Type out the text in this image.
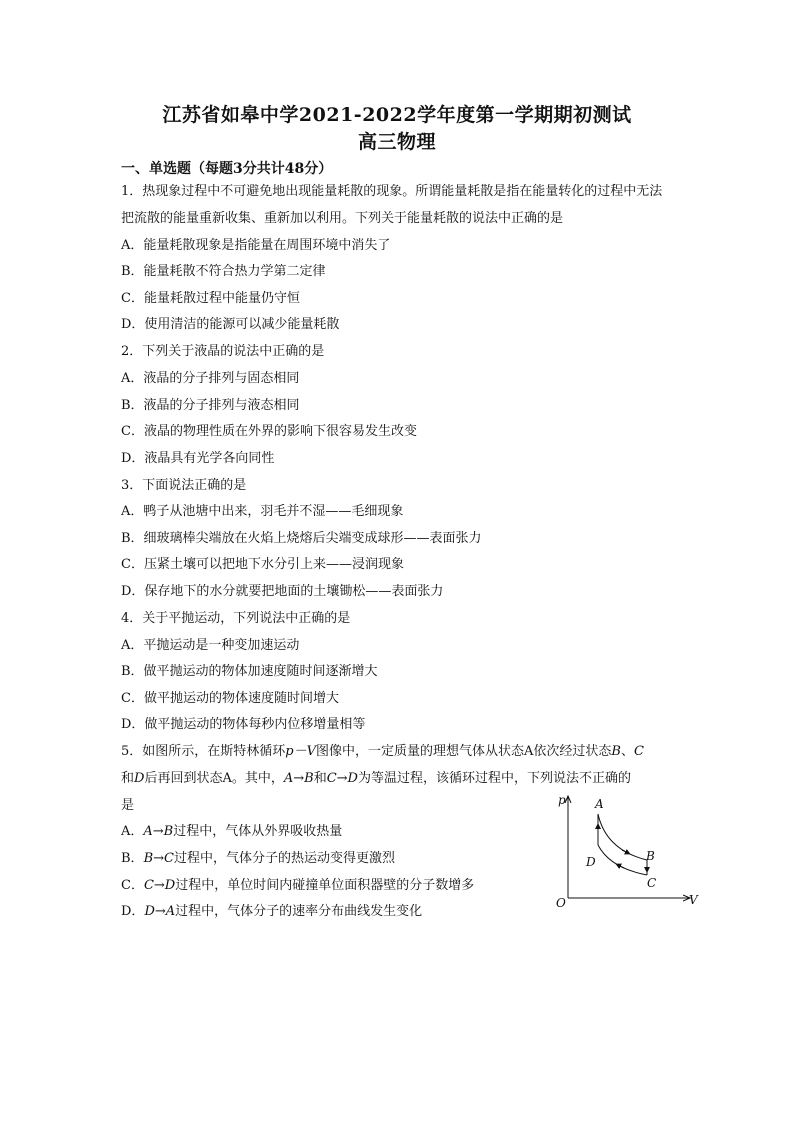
江苏省如皋中学2021-2022学年度第一学期期初测试
高三物理
一、单选题（每题3分共计48分）
1．热现象过程中不可避免地出现能量耗散的现象。所谓能量耗散是指在能量转化的过程中无法
把流散的能量重新收集、重新加以利用。下列关于能量耗散的说法中正确的是
A．能量耗散现象是指能量在周围环境中消失了
B．能量耗散不符合热力学第二定律
C．能量耗散过程中能量仍守恒
D．使用清洁的能源可以减少能量耗散
2．下列关于液晶的说法中正确的是
A．液晶的分子排列与固态相同
B．液晶的分子排列与液态相同
C．液晶的物理性质在外界的影响下很容易发生改变
D．液晶具有光学各向同性
3．下面说法正确的是
A．鸭子从池塘中出来，羽毛并不湿——毛细现象
B．细玻璃棒尖端放在火焰上烧熔后尖端变成球形——表面张力
C．压紧土壤可以把地下水分引上来——浸润现象
D．保存地下的水分就要把地面的土壤锄松——表面张力
4．关于平抛运动，下列说法中正确的是
A．平抛运动是一种变加速运动
B．做平抛运动的物体加速度随时间逐渐增大
C．做平抛运动的物体速度随时间增大
D．做平抛运动的物体每秒内位移增量相等
5．如图所示，在斯特林循环p－V图像中，一定质量的理想气体从状态A依次经过状态B、C
和D后再回到状态A。其中，A→B和C→D为等温过程，该循环过程中，下列说法不正确的
是
A．A→B过程中，气体从外界吸收热量
B．B→C过程中，气体分子的热运动变得更激烈
C．C→D过程中，单位时间内碰撞单位面积器壁的分子数增多
D．D→A过程中，气体分子的速率分布曲线发生变化
p
V
O
A
B
C
D
